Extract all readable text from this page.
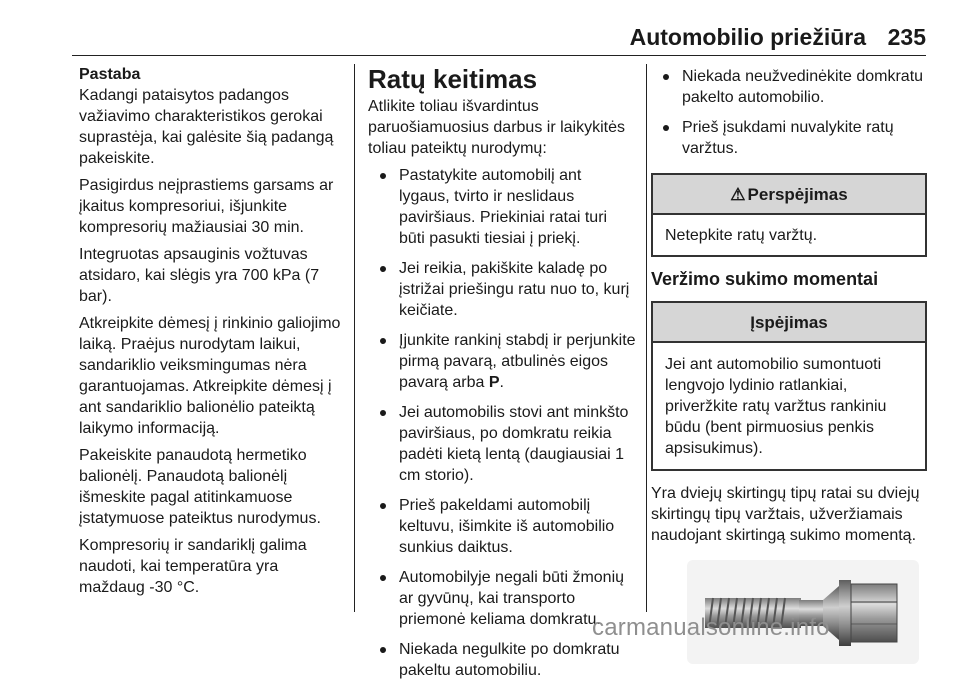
Automobilio priežiūra 235
Pastaba

Kadangi pataisytos padangos važiavimo charakteristikos gerokai suprastėja, kai galėsite šią padangą pakeiskite.

Pasigirdus neįprastiems garsams ar įkaitus kompresoriui, išjunkite kompresorių mažiausiai 30 min.

Integruotas apsauginis vožtuvas atsidaro, kai slėgis yra 700 kPa (7 bar).

Atkreipkite dėmesį į rinkinio galiojimo laiką. Praėjus nurodytam laikui, sandariklio veiksmingumas nėra garantuojamas. Atkreipkite dėmesį į ant sandariklio balionėlio pateiktą laikymo informaciją.

Pakeiskite panaudotą hermetiko balionėlį. Panaudotą balionėlį išmeskite pagal atitinkamuose įstatymuose pateiktus nurodymus.

Kompresorių ir sandariklį galima naudoti, kai temperatūra yra maždaug -30 °C.

Ratų keitimas

Atlikite toliau išvardintus paruošiamuosius darbus ir laikykitės toliau pateiktų nurodymų:

Pastatykite automobilį ant lygaus, tvirto ir neslidaus paviršiaus. Priekiniai ratai turi būti pasukti tiesiai į priekį.
Jei reikia, pakiškite kaladę po įstrižai priešingu ratu nuo to, kurį keičiate.
Įjunkite rankinį stabdį ir perjunkite pirmą pavarą, atbulinės eigos pavarą arba P.
Jei automobilis stovi ant minkšto paviršiaus, po domkratu reikia padėti kietą lentą (daugiausiai 1 cm storio).
Prieš pakeldami automobilį keltuvu, išimkite iš automobilio sunkius daiktus.
Automobilyje negali būti žmonių ar gyvūnų, kai transporto priemonė keliama domkratu.
Niekada negulkite po domkratu pakeltu automobiliu.
Niekada neužvedinėkite domkratu pakelto automobilio.
Prieš įsukdami nuvalykite ratų varžtus.
⚠ Perspėjimas
Netepkite ratų varžtų.
Veržimo sukimo momentai
Įspėjimas
Jei ant automobilio sumontuoti lengvojo lydinio ratlankiai, priveržkite ratų varžtus rankiniu būdu (bent pirmuosius penkis apsisukimus).

Yra dviejų skirtingų tipų ratai su dviejų skirtingų tipų varžtais, užveržiamais naudojant skirtingą sukimo momentą.

carmanualsonline.info
